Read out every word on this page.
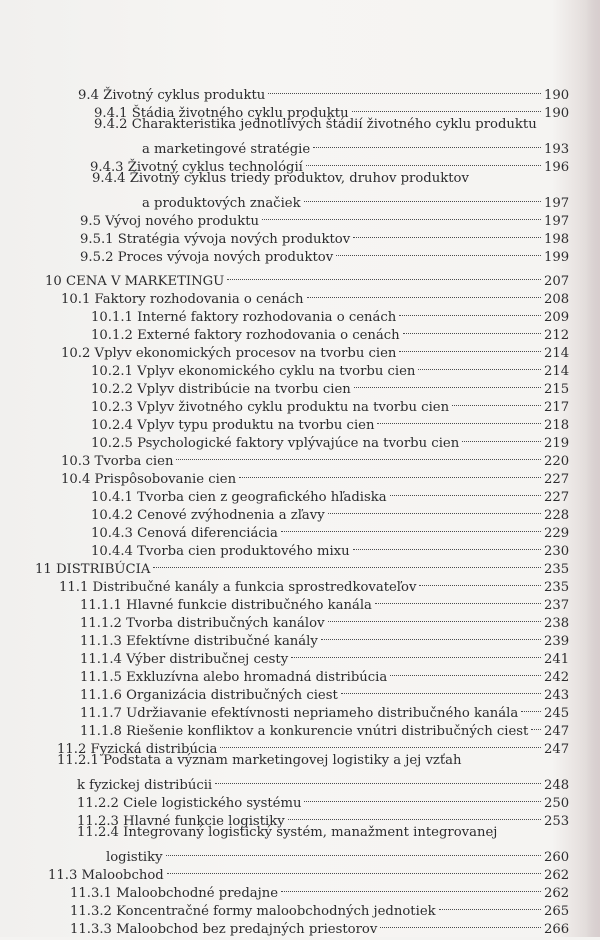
9.4 Životný cyklus produktu	190
9.4.1 Štádia životného cyklu produktu	190
9.4.2 Charakteristika jednotlivých štádií životného cyklu produktu
a marketingové stratégie	193
9.4.3 Životný cyklus technológií	196
9.4.4 Životný cyklus triedy produktov, druhov produktov
a produktových značiek	197
9.5 Vývoj nového produktu	197
9.5.1 Stratégia vývoja nových produktov	198
9.5.2 Proces vývoja nových produktov	199
10 CENA V MARKETINGU	207
10.1 Faktory rozhodovania o cenách	208
10.1.1 Interné faktory rozhodovania o cenách	209
10.1.2 Externé faktory rozhodovania o cenách	212
10.2 Vplyv ekonomických procesov na tvorbu cien	214
10.2.1 Vplyv ekonomického cyklu na tvorbu cien	214
10.2.2 Vplyv distribúcie na tvorbu cien	215
10.2.3 Vplyv životného cyklu produktu na tvorbu cien	217
10.2.4 Vplyv typu produktu na tvorbu cien	218
10.2.5 Psychologické faktory vplývajúce na tvorbu cien	219
10.3 Tvorba cien	220
10.4 Prispôsobovanie cien	227
10.4.1 Tvorba cien z geografického hľadiska	227
10.4.2 Cenové zvýhodnenia a zľavy	228
10.4.3 Cenová diferenciácia	229
10.4.4 Tvorba cien produktového mixu	230
11 DISTRIBÚCIA	235
11.1 Distribučné kanály a funkcia sprostredkovateľov	235
11.1.1 Hlavné funkcie distribučného kanála	237
11.1.2 Tvorba distribučných kanálov	238
11.1.3 Efektívne distribučné kanály	239
11.1.4 Výber distribučnej cesty	241
11.1.5 Exkluzívna alebo hromadná distribúcia	242
11.1.6 Organizácia distribučných ciest	243
11.1.7 Udržiavanie efektívnosti nepriameho distribučného kanála 245
11.1.8 Riešenie konfliktov a konkurencie vnútri distribučných ciest 247
11.2 Fyzická distribúcia	247
11.2.1 Podstata a význam marketingovej logistiky a jej vzťah
k fyzickej distribúcii	248
11.2.2 Ciele logistického systému	250
11.2.3 Hlavné funkcie logistiky	253
11.2.4 Integrovaný logistický systém, manažment integrovanej
logistiky	260
11.3 Maloobchod	262
11.3.1 Maloobchodné predajne	262
11.3.2 Koncentračné formy maloobchodných jednotiek	265
11.3.3 Maloobchod bez predajných priestorov	266
